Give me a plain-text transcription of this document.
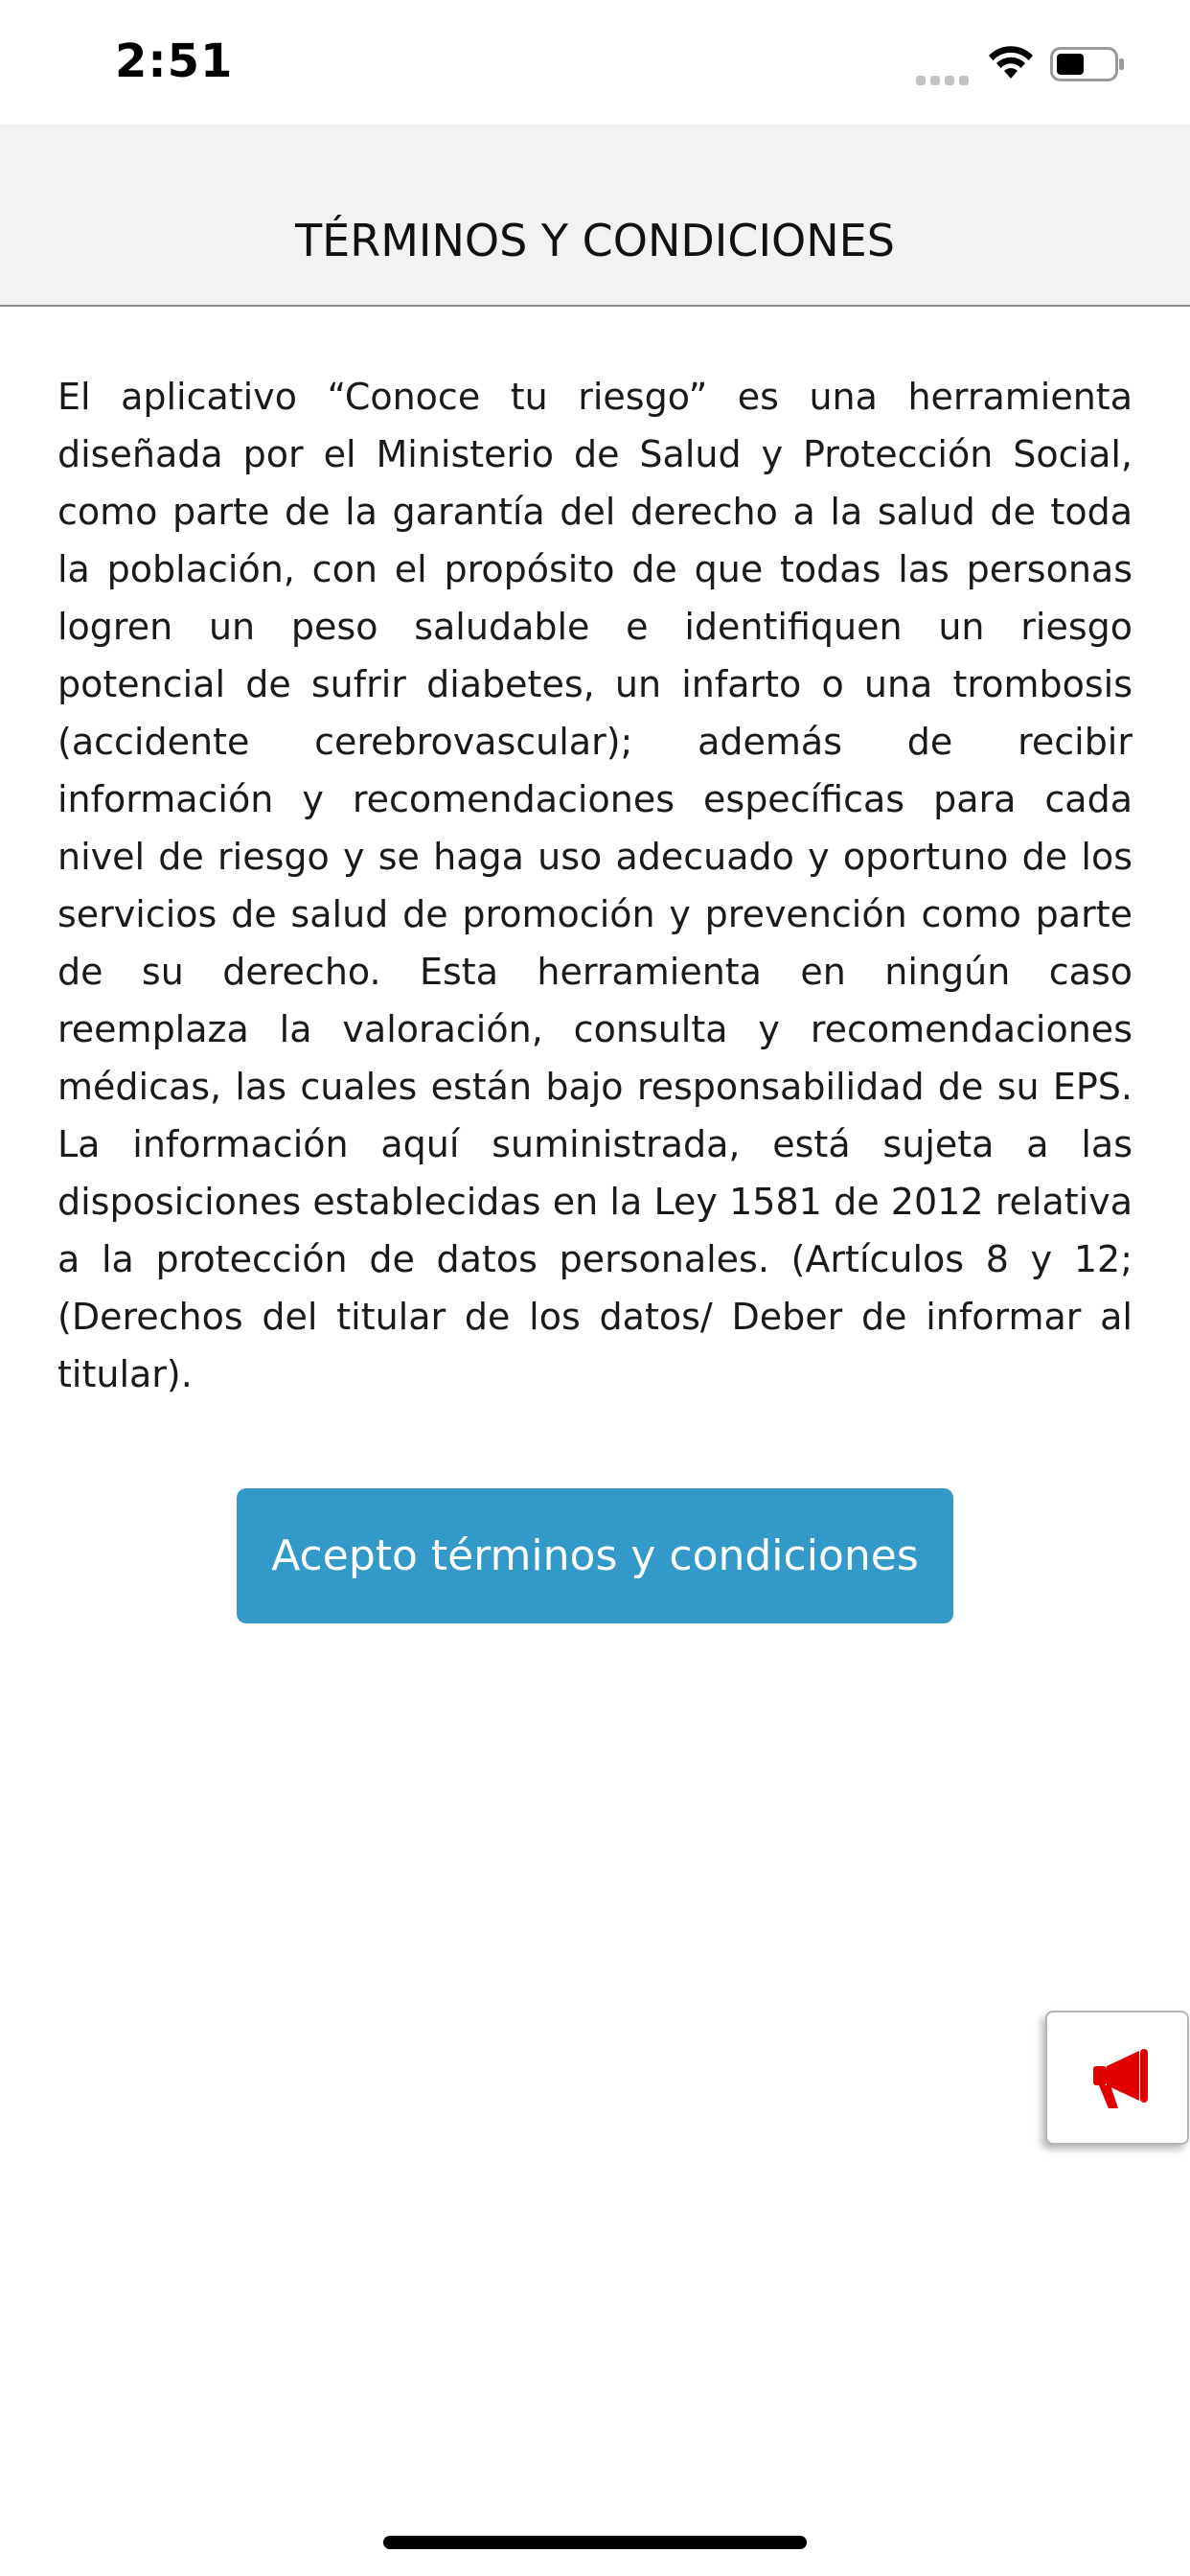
2:51
TÉRMINOS Y CONDICIONES

El aplicativo “Conoce tu riesgo” es una herramienta diseñada por el Ministerio de Salud y Protección Social, como parte de la garantía del derecho a la salud de toda la población, con el propósito de que todas las personas logren un peso saludable e identifiquen un riesgo potencial de sufrir diabetes, un infarto o una trombosis (accidente cerebrovascular); además de recibir información y recomendaciones específicas para cada nivel de riesgo y se haga uso adecuado y oportuno de los servicios de salud de promoción y prevención como parte de su derecho. Esta herramienta en ningún caso reemplaza la valoración, consulta y recomendaciones médicas, las cuales están bajo responsabilidad de su EPS. La información aquí suministrada, está sujeta a las disposiciones establecidas en la Ley 1581 de 2012 relativa a la protección de datos personales. (Artículos 8 y 12; (Derechos del titular de los datos/ Deber de informar al titular).

Acepto términos y condiciones
